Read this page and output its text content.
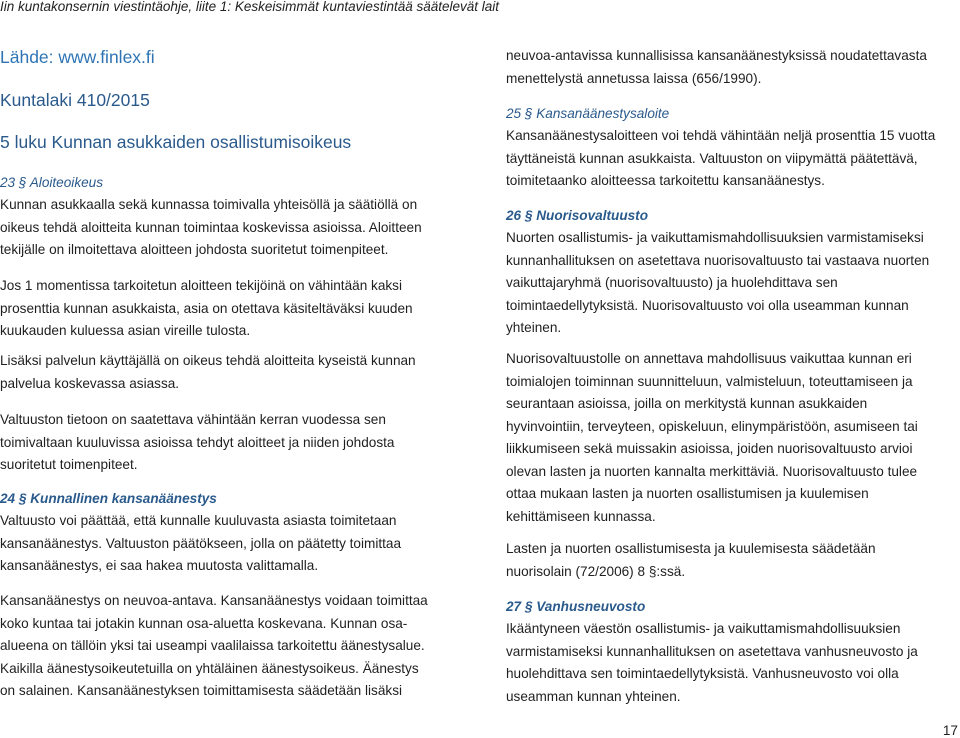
Iin kuntakonsernin viestintäohje, liite 1: Keskeisimmät kuntaviestintää säätelevät lait
Lähde: www.finlex.fi
Kuntalaki 410/2015
5 luku Kunnan asukkaiden osallistumisoikeus
23 § Aloiteoikeus
Kunnan asukkaalla sekä kunnassa toimivalla yhteisöllä ja säätiöllä on
oikeus tehdä aloitteita kunnan toimintaa koskevissa asioissa. Aloitteen
tekijälle on ilmoitettava aloitteen johdosta suoritetut toimenpiteet.
Jos 1 momentissa tarkoitetun aloitteen tekijöinä on vähintään kaksi
prosenttia kunnan asukkaista, asia on otettava käsiteltäväksi kuuden
kuukauden kuluessa asian vireille tulosta.
Lisäksi palvelun käyttäjällä on oikeus tehdä aloitteita kyseistä kunnan
palvelua koskevassa asiassa.
Valtuuston tietoon on saatettava vähintään kerran vuodessa sen
toimivaltaan kuuluvissa asioissa tehdyt aloitteet ja niiden johdosta
suoritetut toimenpiteet.
24 § Kunnallinen kansanäänestys
Valtuusto voi päättää, että kunnalle kuuluvasta asiasta toimitetaan
kansanäänestys. Valtuuston päätökseen, jolla on päätetty toimittaa
kansanäänestys, ei saa hakea muutosta valittamalla.
Kansanäänestys on neuvoa-antava. Kansanäänestys voidaan toimittaa
koko kuntaa tai jotakin kunnan osa-aluetta koskevana. Kunnan osa-
alueena on tällöin yksi tai useampi vaalilaissa tarkoitettu äänestysalue.
Kaikilla äänestysoikeutetuilla on yhtäläinen äänestysoikeus. Äänestys
on salainen. Kansanäänestyksen toimittamisesta säädetään lisäksi
neuvoa-antavissa kunnallisissa kansanäänestyksissä noudatettavasta
menettelystä annetussa laissa (656/1990).
25 § Kansanäänestysaloite
Kansanäänestysaloitteen voi tehdä vähintään neljä prosenttia 15 vuotta
täyttäneistä kunnan asukkaista. Valtuuston on viipymättä päätettävä,
toimitetaanko aloitteessa tarkoitettu kansanäänestys.
26 § Nuorisovaltuusto
Nuorten osallistumis- ja vaikuttamismahdollisuuksien varmistamiseksi
kunnanhallituksen on asetettava nuorisovaltuusto tai vastaava nuorten
vaikuttajaryhmä (nuorisovaltuusto) ja huolehdittava sen
toimintaedellytyksistä. Nuorisovaltuusto voi olla useamman kunnan
yhteinen.
Nuorisovaltuustolle on annettava mahdollisuus vaikuttaa kunnan eri
toimialojen toiminnan suunnitteluun, valmisteluun, toteuttamiseen ja
seurantaan asioissa, joilla on merkitystä kunnan asukkaiden
hyvinvointiin, terveyteen, opiskeluun, elinympäristöön, asumiseen tai
liikkumiseen sekä muissakin asioissa, joiden nuorisovaltuusto arvioi
olevan lasten ja nuorten kannalta merkittäviä. Nuorisovaltuusto tulee
ottaa mukaan lasten ja nuorten osallistumisen ja kuulemisen
kehittämiseen kunnassa.
Lasten ja nuorten osallistumisesta ja kuulemisesta säädetään
nuorisolain (72/2006) 8 §:ssä.
27 § Vanhusneuvosto
Ikääntyneen väestön osallistumis- ja vaikuttamismahdollisuuksien
varmistamiseksi kunnanhallituksen on asetettava vanhusneuvosto ja
huolehdittava sen toimintaedellytyksistä. Vanhusneuvosto voi olla
useamman kunnan yhteinen.
17
